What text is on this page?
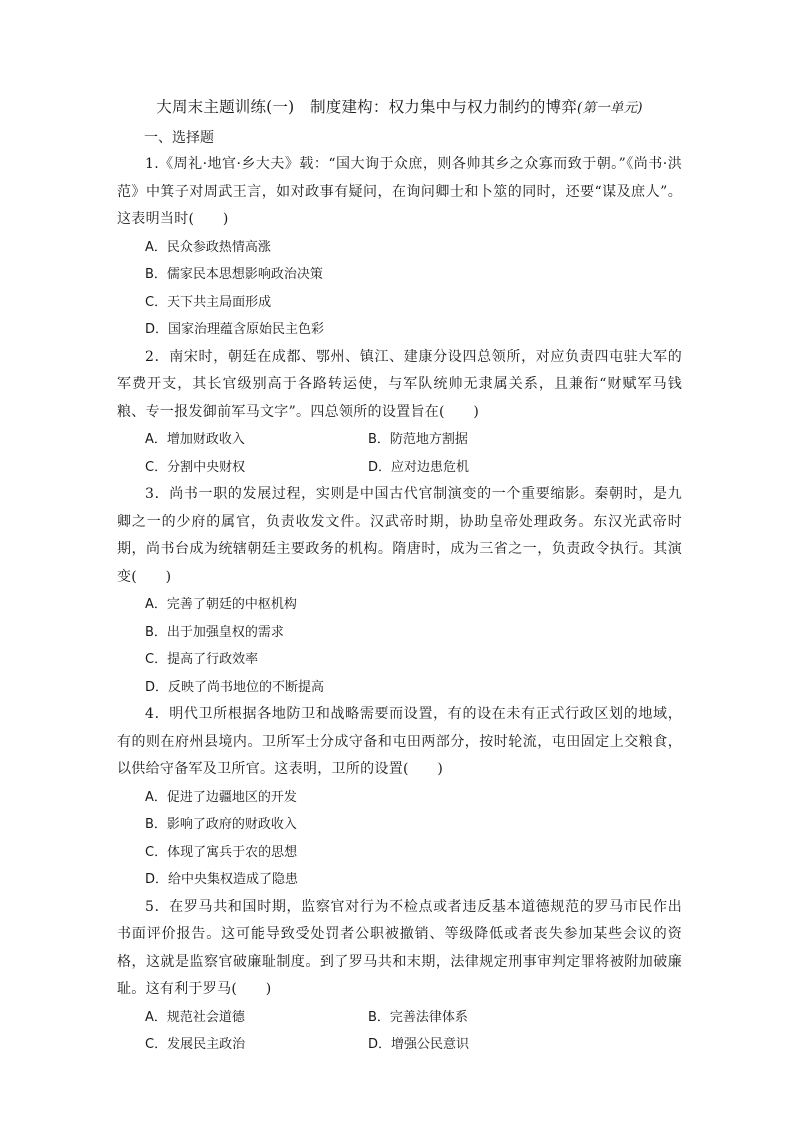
大周末主题训练(一)　制度建构：权力集中与权力制约的博弈(第一单元)
一、选择题

1.《周礼·地官·乡大夫》载：“国大询于众庶，则各帅其乡之众寡而致于朝。”《尚书·洪范》中箕子对周武王言，如对政事有疑问，在询问卿士和卜筮的同时，还要“谋及庶人”。这表明当时(　　)

A．民众参政热情高涨
B．儒家民本思想影响政治决策
C．天下共主局面形成
D．国家治理蕴含原始民主色彩

2．南宋时，朝廷在成都、鄂州、镇江、建康分设四总领所，对应负责四屯驻大军的军费开支，其长官级别高于各路转运使，与军队统帅无隶属关系，且兼衔“财赋军马钱粮、专一报发御前军马文字”。四总领所的设置旨在(　　)

A．增加财政收入	B．防范地方割据
C．分割中央财权	D．应对边患危机

3．尚书一职的发展过程，实则是中国古代官制演变的一个重要缩影。秦朝时，是九卿之一的少府的属官，负责收发文件。汉武帝时期，协助皇帝处理政务。东汉光武帝时期，尚书台成为统辖朝廷主要政务的机构。隋唐时，成为三省之一，负责政令执行。其演变(　　)

A．完善了朝廷的中枢机构
B．出于加强皇权的需求
C．提高了行政效率
D．反映了尚书地位的不断提高

4．明代卫所根据各地防卫和战略需要而设置，有的设在未有正式行政区划的地域，有的则在府州县境内。卫所军士分成守备和屯田两部分，按时轮流，屯田固定上交粮食，以供给守备军及卫所官。这表明，卫所的设置(　　)

A．促进了边疆地区的开发
B．影响了政府的财政收入
C．体现了寓兵于农的思想
D．给中央集权造成了隐患

5．在罗马共和国时期，监察官对行为不检点或者违反基本道德规范的罗马市民作出书面评价报告。这可能导致受处罚者公职被撤销、等级降低或者丧失参加某些会议的资格，这就是监察官破廉耻制度。到了罗马共和末期，法律规定刑事审判定罪将被附加破廉耻。这有利于罗马(　　)

A．规范社会道德	B．完善法律体系
C．发展民主政治	D．增强公民意识
